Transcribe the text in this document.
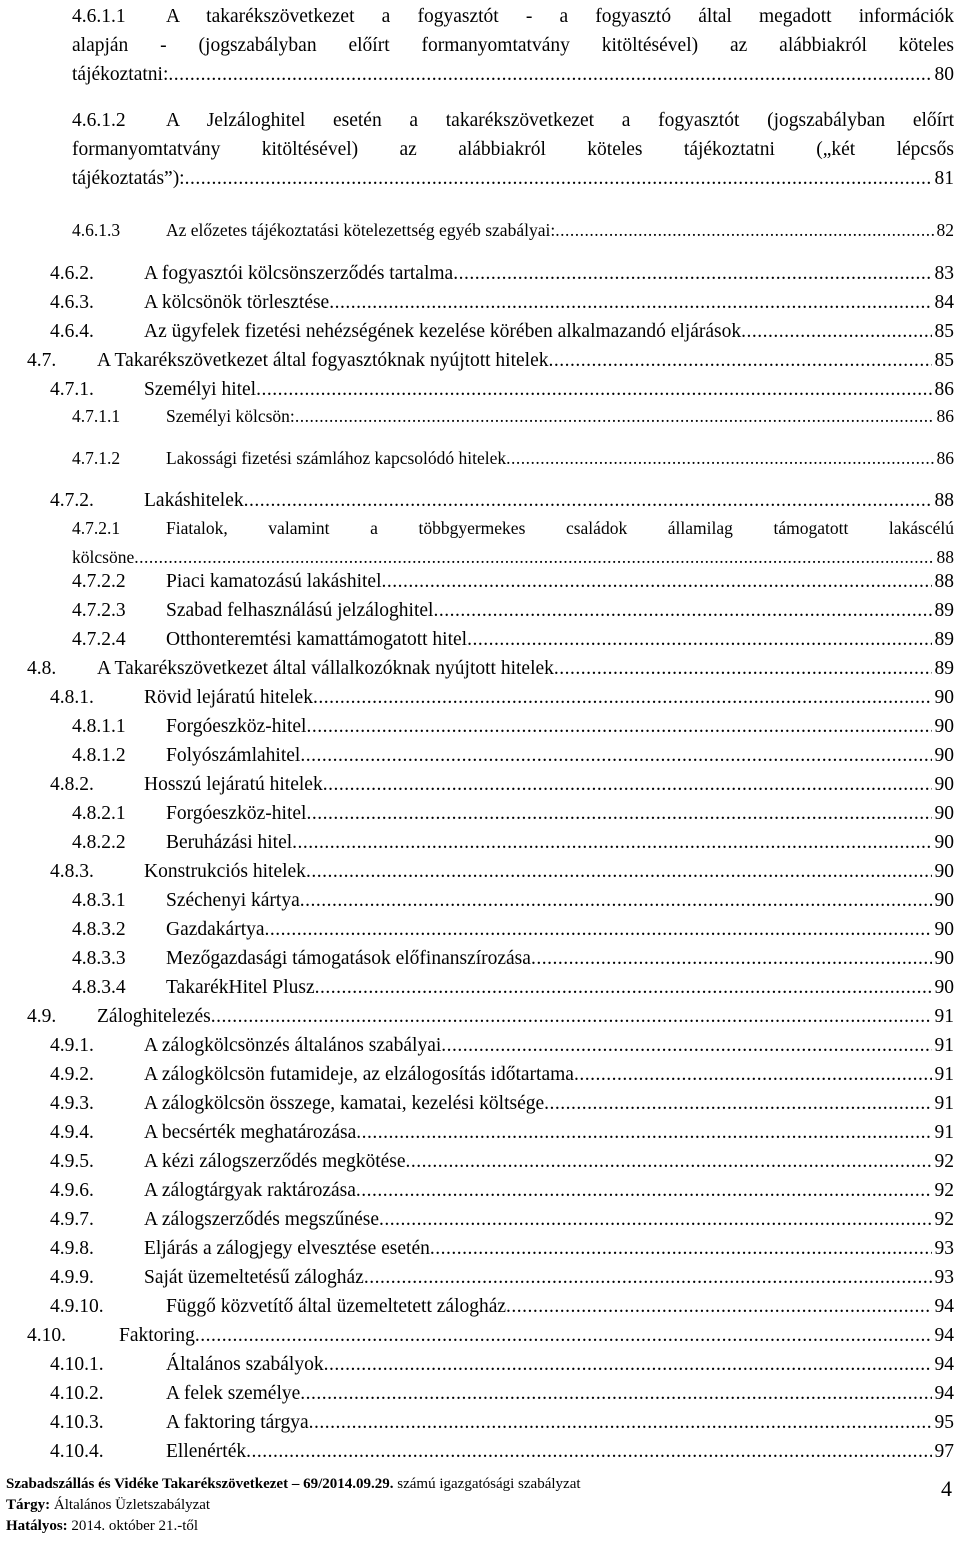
4.6.1.1	A takarékszövetkezet a fogyasztót - a fogyasztó által megadott információk
alapján - (jogszabályban előírt formanyomtatvány kitöltésével) az alábbiakról köteles
tájékoztatni: .....	80
4.6.1.2	A Jelzáloghitel esetén a takarékszövetkezet a fogyasztót (jogszabályban előírt
formanyomtatvány kitöltésével) az alábbiakról köteles tájékoztatni („két lépcsős
tájékoztatás”): .....	81
4.6.1.3	Az előzetes tájékoztatási kötelezettség egyéb szabályai: .....	82
4.6.2.	A fogyasztói kölcsönszerződés tartalma .....	83
4.6.3.	A kölcsönök törlesztése .....	84
4.6.4.	Az ügyfelek fizetési nehézségének kezelése körében alkalmazandó eljárások .....	85
4.7.	A Takarékszövetkezet által fogyasztóknak nyújtott hitelek .....	85
4.7.1.	Személyi hitel .....	86
4.7.1.1	Személyi kölcsön: .....	86
4.7.1.2	Lakossági fizetési számlához kapcsolódó hitelek .....	86
4.7.2.	Lakáshitelek .....	88
4.7.2.1	Fiatalok, valamint a többgyermekes családok államilag támogatott lakáscélú
kölcsöne .....	88
4.7.2.2	Piaci kamatozású lakáshitel .....	88
4.7.2.3	Szabad felhasználású jelzáloghitel .....	89
4.7.2.4	Otthonteremtési kamattámogatott hitel .....	89
4.8.	A Takarékszövetkezet által vállalkozóknak nyújtott hitelek .....	89
4.8.1.	Rövid lejáratú hitelek .....	90
4.8.1.1	Forgóeszköz-hitel .....	90
4.8.1.2	Folyószámlahitel .....	90
4.8.2.	Hosszú lejáratú hitelek .....	90
4.8.2.1	Forgóeszköz-hitel .....	90
4.8.2.2	Beruházási hitel .....	90
4.8.3.	Konstrukciós hitelek .....	90
4.8.3.1	Széchenyi kártya .....	90
4.8.3.2	Gazdakártya .....	90
4.8.3.3	Mezőgazdasági támogatások előfinanszírozása .....	90
4.8.3.4	TakarékHitel Plusz .....	90
4.9.	Záloghitelezés .....	91
4.9.1.	A zálogkölcsönzés általános szabályai .....	91
4.9.2.	A zálogkölcsön futamideje, az elzálogosítás időtartama .....	91
4.9.3.	A zálogkölcsön összege, kamatai, kezelési költsége .....	91
4.9.4.	A becsérték meghatározása .....	91
4.9.5.	A kézi zálogszerződés megkötése .....	92
4.9.6.	A zálogtárgyak raktározása .....	92
4.9.7.	A zálogszerződés megszűnése .....	92
4.9.8.	Eljárás a zálogjegy elvesztése esetén .....	93
4.9.9.	Saját üzemeltetésű zálogház .....	93
4.9.10.	Függő közvetítő által üzemeltetett zálogház .....	94
4.10.	Faktoring .....	94
4.10.1.	Általános szabályok .....	94
4.10.2.	A felek személye .....	94
4.10.3.	A faktoring tárgya .....	95
4.10.4.	Ellenérték .....	97
Szabadszállás és Vidéke Takarékszövetkezet – 69/2014.09.29. számú igazgatósági szabályzat
Tárgy: Általános Üzletszabályzat
Hatályos: 2014. október 21.-től
4
